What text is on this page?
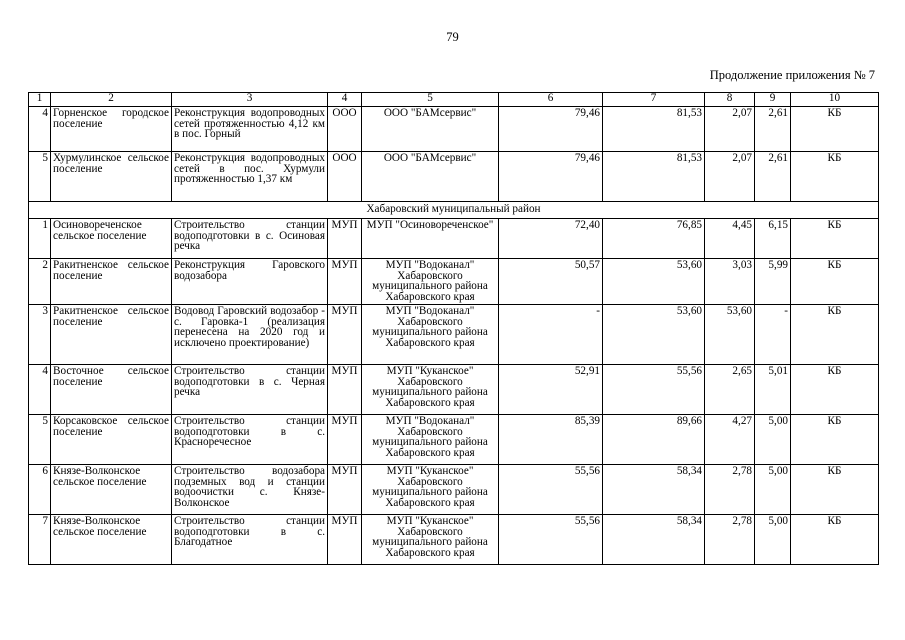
79
Продолжение приложения № 7
1	2	3	4	5	6	7	8	9	10
4	Горненское городское поселение	Реконструкция водопроводных сетей протяженностью 4,12 км в пос. Горный	ООО	ООО "БАМсервис"	79,46	81,53	2,07	2,61	КБ
5	Хурмулинское сельское поселение	Реконструкция водопроводных сетей в пос. Хурмули протяженностью 1,37 км	ООО	ООО "БАМсервис"	79,46	81,53	2,07	2,61	КБ
Хабаровский муниципальный район									
1	Осиновореченское сельское поселение	Строительство станции водоподготовки в с. Осиновая речка	МУП	МУП "Осиновореченское"	72,40	76,85	4,45	6,15	КБ
2	Ракитненское сельское поселение	Реконструкция Гаровского водозабора	МУП	МУП "Водоканал" Хабаровского муниципального района Хабаровского края	50,57	53,60	3,03	5,99	КБ
3	Ракитненское сельское поселение	Водовод Гаровский водозабор - с. Гаровка-1 (реализация перенесена на 2020 год и исключено проектирование)	МУП	МУП "Водоканал" Хабаровского муниципального района Хабаровского края	-	53,60	53,60	-	КБ
4	Восточное сельское поселение	Строительство станции водоподготовки в с. Черная речка	МУП	МУП "Куканское" Хабаровского муниципального района Хабаровского края	52,91	55,56	2,65	5,01	КБ
5	Корсаковское сельское поселение	Строительство станции водоподготовки в с. Красноречесное	МУП	МУП "Водоканал" Хабаровского муниципального района Хабаровского края	85,39	89,66	4,27	5,00	КБ
6	Князе-Волконское сельское поселение	Строительство водозабора подземных вод и станции водоочистки с. Князе-Волконское	МУП	МУП "Куканское" Хабаровского муниципального района Хабаровского края	55,56	58,34	2,78	5,00	КБ
7	Князе-Волконское сельское поселение	Строительство станции водоподготовки в с. Благодатное	МУП	МУП "Куканское" Хабаровского муниципального района Хабаровского края	55,56	58,34	2,78	5,00	КБ
